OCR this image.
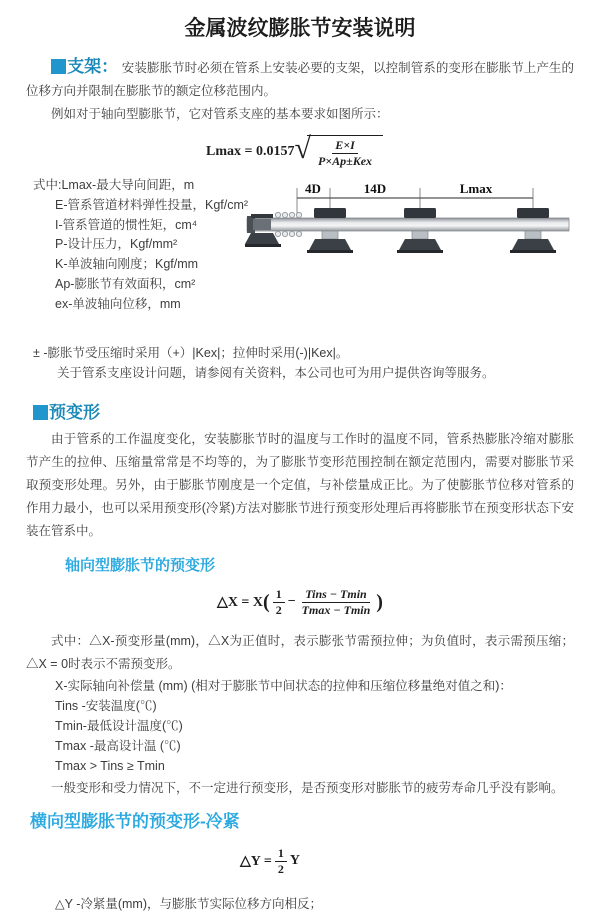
金属波纹膨胀节安装说明

支架： 安装膨胀节时必须在管系上安装必要的支架，以控制管系的变形在膨胀节上产生的位移方向并限制在膨胀节的额定位移范围内。

例如对于轴向型膨胀节，它对管系支座的基本要求如图所示：

Lmax = 0.0157 √ $\frac{E\times I}{\text{P×Ap±Kex}}$
式中:Lmax-最大导向间距，m
E-管系管道材料弹性投量，Kgf/cm²
I-管系管道的惯性矩，cm⁴
P-设计压力，Kgf/mm²
K-单波轴向刚度；Kgf/mm
Ap-膨胀节有效面积，cm²
ex-单波轴向位移，mm
4D	14D	Lmax

± -膨胀节受压缩时采用（+）|Kex|；拉伸时采用(-)|Kex|。

关于管系支座设计问题，请参阅有关资料，本公司也可为用户提供咨询等服务。

预变形

由于管系的工作温度变化，安装膨胀节时的温度与工作时的温度不同，管系热膨胀冷缩对膨胀节产生的拉伸、压缩量常常是不均等的，为了膨胀节变形范围控制在额定范围内，需要对膨胀节采取预变形处理。另外，由于膨胀节刚度是一个定值，与补偿量成正比。为了使膨胀节位移对管系的作用力最小，也可以采用预变形(冷紧)方法对膨胀节进行预变形处理后再将膨胀节在预变形状态下安装在管系中。

轴向型膨胀节的预变形
△X = X ( $\frac{1}{2} - \frac{\text{Tins − Tmin}}{Tmax - Tmin}$ )

式中：△X-预变形量(mm)，△X为正值时，表示膨张节需预拉伸；为负值时，表示需预压缩；△X = 0时表示不需预变形。

X-实际轴向补偿量 (mm) (相对于膨胀节中间状态的拉伸和压缩位移量绝对值之和)：
Tins -安装温度(℃)
Tmin-最低设计温度(℃)
Tmax -最高设计温 (℃)
Tmax > Tins ≥ Tmin
一般变形和受力情况下，不一定进行预变形，是否预变形对膨胀节的疲劳寿命几乎没有影响。
横向型膨胀节的预变形-冷紧
△Y = $\frac{1}{2}$ Y
△Y -冷紧量(mm)，与膨胀节实际位移方向相反；
